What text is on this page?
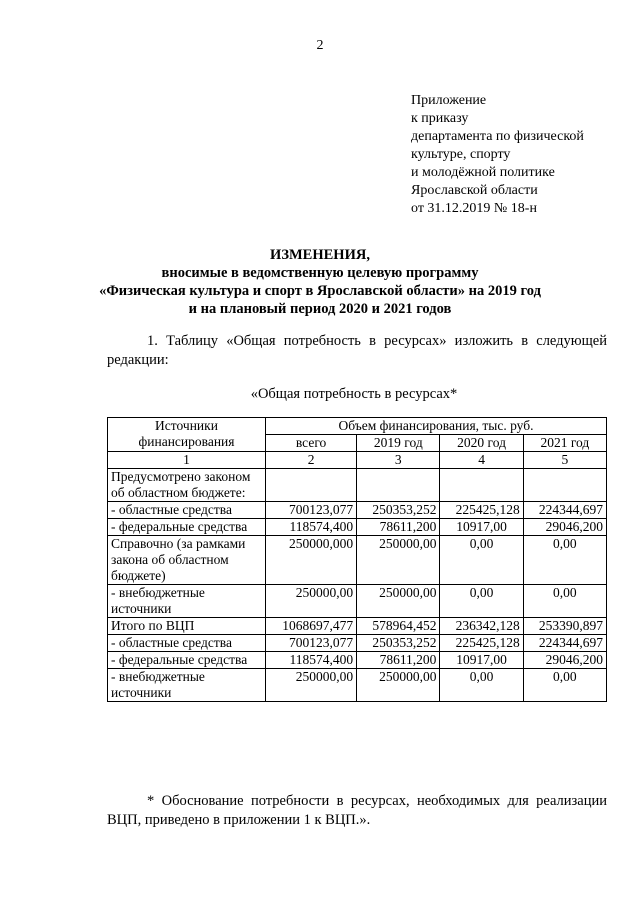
2
Приложение
к приказу
департамента по физической
культуре, спорту
и молодёжной политике
Ярославской области
от 31.12.2019 № 18-н
ИЗМЕНЕНИЯ,
вносимые в ведомственную целевую программу
«Физическая культура и спорт в Ярославской области» на 2019 год
и на плановый период 2020 и 2021 годов
1. Таблицу «Общая потребность в ресурсах» изложить в следующей редакции:
«Общая потребность в ресурсах*
Источники финансирования	Объем финансирования, тыс. руб.			
	всего	2019 год	2020 год	2021 год
1	2	3	4	5
Предусмотрено законом об областном бюджете:				
- областные средства	700123,077	250353,252	225425,128	224344,697
- федеральные средства	118574,400	78611,200	10917,00	29046,200
Справочно (за рамками закона об областном бюджете)	250000,000	250000,00	0,00	0,00
- внебюджетные источники	250000,00	250000,00	0,00	0,00
Итого по ВЦП	1068697,477	578964,452	236342,128	253390,897
- областные средства	700123,077	250353,252	225425,128	224344,697
- федеральные средства	118574,400	78611,200	10917,00	29046,200
- внебюджетные источники	250000,00	250000,00	0,00	0,00
* Обоснование потребности в ресурсах, необходимых для реализации ВЦП, приведено в приложении 1 к ВЦП.».
